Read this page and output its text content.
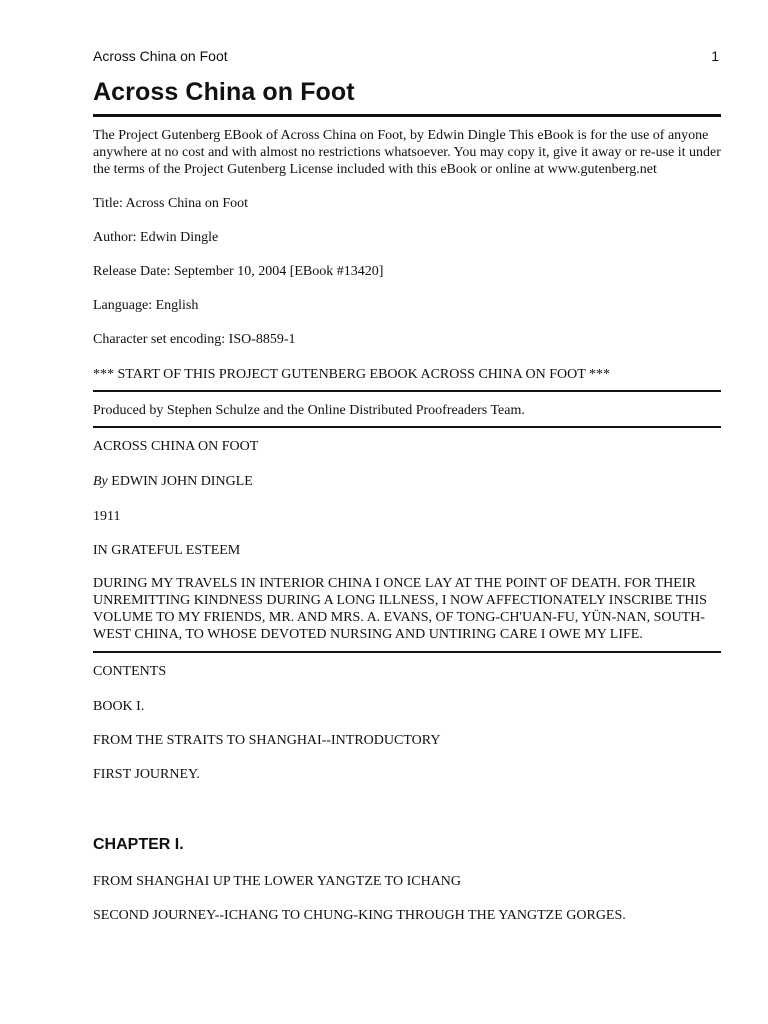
Across China on Foot	1
Across China on Foot

The Project Gutenberg EBook of Across China on Foot, by Edwin Dingle This eBook is for the use of anyone anywhere at no cost and with almost no restrictions whatsoever. You may copy it, give it away or re-use it under the terms of the Project Gutenberg License included with this eBook or online at www.gutenberg.net

Title: Across China on Foot

Author: Edwin Dingle

Release Date: September 10, 2004 [EBook #13420]

Language: English

Character set encoding: ISO-8859-1

*** START OF THIS PROJECT GUTENBERG EBOOK ACROSS CHINA ON FOOT ***

Produced by Stephen Schulze and the Online Distributed Proofreaders Team.

ACROSS CHINA ON FOOT

By EDWIN JOHN DINGLE

1911

IN GRATEFUL ESTEEM

DURING MY TRAVELS IN INTERIOR CHINA I ONCE LAY AT THE POINT OF DEATH. FOR THEIR UNREMITTING KINDNESS DURING A LONG ILLNESS, I NOW AFFECTIONATELY INSCRIBE THIS VOLUME TO MY FRIENDS, MR. AND MRS. A. EVANS, OF TONG-CH'UAN-FU, YÜN-NAN, SOUTH-WEST CHINA, TO WHOSE DEVOTED NURSING AND UNTIRING CARE I OWE MY LIFE.

CONTENTS

BOOK I.

FROM THE STRAITS TO SHANGHAI--INTRODUCTORY

FIRST JOURNEY.

CHAPTER I.

FROM SHANGHAI UP THE LOWER YANGTZE TO ICHANG

SECOND JOURNEY--ICHANG TO CHUNG-KING THROUGH THE YANGTZE GORGES.
